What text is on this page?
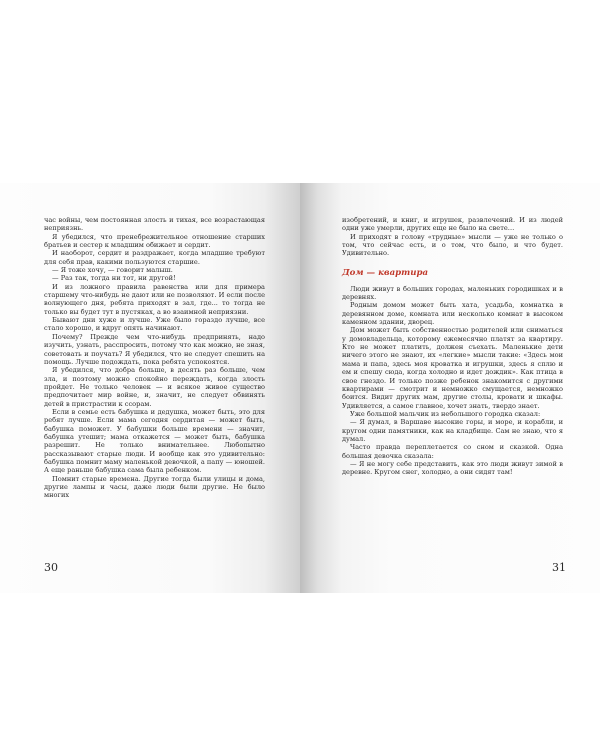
час войны, чем постоянная злость и тихая, все возрастающая неприязнь.

Я убедился, что пренебрежительное отношение старших братьев и сестер к младшим обижает и сердит.

И наоборот, сердит и раздражает, когда младшие требуют для себя прав, какими пользуются старшие.

— Я тоже хочу, — говорит малыш.

— Раз так, тогда ни тот, ни другой!

И из ложного правила равенства или для примера старшему что-нибудь не дают или не позволяют. И если после волнующего дня, ребята приходят в зал, где... то тогда не только вы будет тут в пустяках, а во взаимной неприязни.

Бывают дни хуже и лучше. Уже было гораздо лучше, все стало хорошо, и вдруг опять начинают.

Почему? Прежде чем что-нибудь предпринять, надо изучить, узнать, расспросить, потому что как можно, не зная, советовать и поучать? Я убедился, что не следует спешить на помощь. Лучше подождать, пока ребята успокоятся.

Я убедился, что добра больше, в десять раз больше, чем зла, и поэтому можно спокойно переждать, когда злость пройдет. Не только человек — и всякое живое существо предпочитает мир войне, и, значит, не следует обвинять детей в пристрастии к ссорам.

Если в семье есть бабушка и дедушка, может быть, это для ребят лучше. Если мама сегодня сердитая — может быть, бабушка поможет. У бабушки больше времени — значит, бабушка утешит; мама откажется — может быть, бабушка разрешит. Не только внимательнее. Любопытно рассказывают старые люди. И вообще как это удивительно: бабушка помнит маму маленькой девочкой, а папу — юношей. А еще раньше бабушка сама была ребенком.

Помнит старые времена. Другие тогда были улицы и дома, другие лампы и часы, даже люди были другие. Не было многих

30

изобретений, и книг, и игрушек, развлечений. И из людей одни уже умерли, других еще не было на свете…

И приходят в голову «трудные» мысли — уже не только о том, что сейчас есть, и о том, что было, и что будет. Удивительно.

Дом — квартира

Люди живут в больших городах, маленьких городишках и в деревнях.

Родным домом может быть хата, усадьба, комнатка в деревянном доме, комната или несколько комнат в высоком каменном здании, дворец.

Дом может быть собственностью родителей или сниматься у домовладельца, которому ежемесячно платят за квартиру. Кто не может платить, должен съехать. Маленькие дети ничего этого не знают, их «легкие» мысли такие: «Здесь мои мама и папа, здесь моя кроватка и игрушки, здесь я сплю и ем и спешу сюда, когда холодно и идет дождик». Как птица в свое гнездо. И только позже ребенок знакомится с другими квартирами — смотрит и немножко смущается, немножко боится. Видит других мам, другие столы, кровати и шкафы. Удивляется, а самое главное, хочет знать, твердо знает.

Уже большой мальчик из небольшого городка сказал:

— Я думал, в Варшаве высокие горы, и море, и корабли, и кругом одни памятники, как на кладбище. Сам не знаю, что я думал.

Часто правда переплетается со сном и сказкой. Одна большая девочка сказала:

— Я не могу себе представить, как это люди живут зимой в деревне. Кругом снег, холодно, а они сидят там!

31
